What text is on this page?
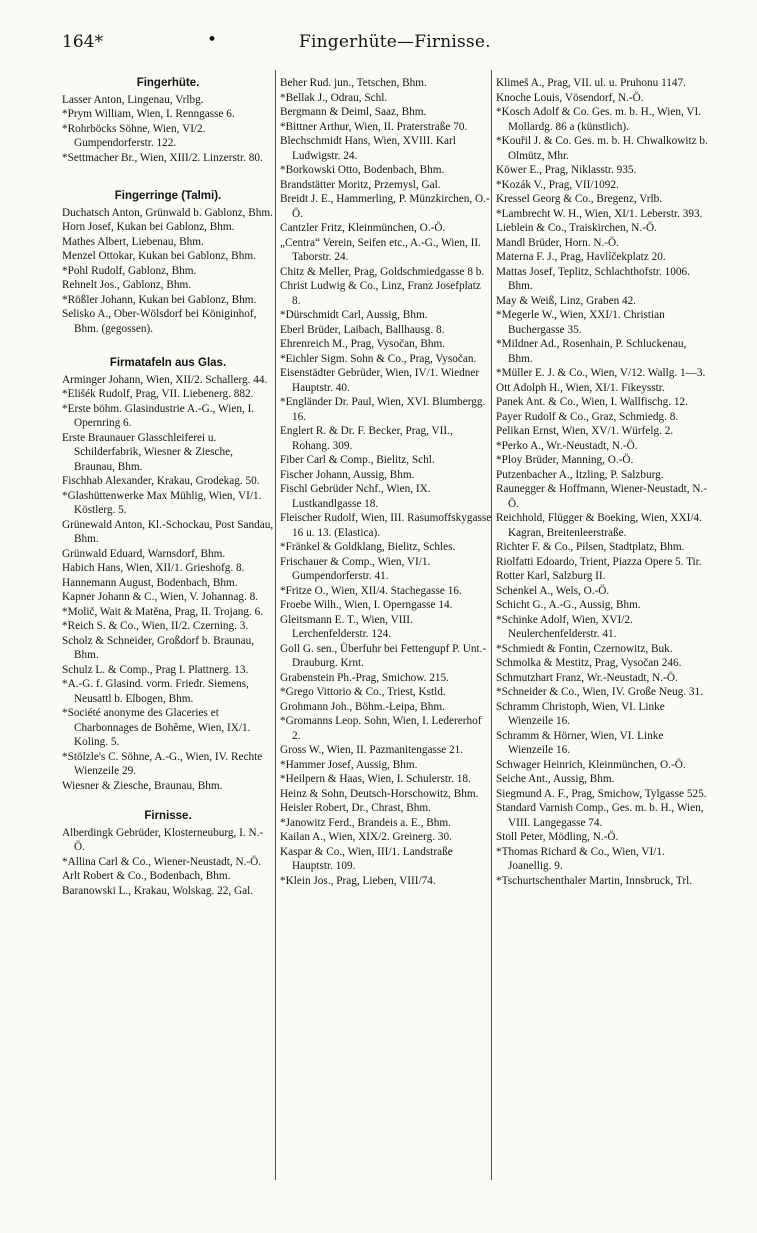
164*	•	Fingerhüte—Firnisse.
Fingerhüte.

Lasser Anton, Lingenau, Vrlbg.

*Prym William, Wien, I. Renngasse 6.

*Rohrböcks Söhne, Wien, VI/2. Gumpendorferstr. 122.

*Settmacher Br., Wien, XIII/2. Linzerstr. 80.

Fingerringe (Talmi).

Duchatsch Anton, Grünwald b. Gablonz, Bhm.

Horn Josef, Kukan bei Gablonz, Bhm.

Mathes Albert, Liebenau, Bhm.

Menzel Ottokar, Kukan bei Gablonz, Bhm.

*Pohl Rudolf, Gablonz, Bhm.

Rehnelt Jos., Gablonz, Bhm.

*Rößler Johann, Kukan bei Gablonz, Bhm.

Selisko A., Ober-Wölsdorf bei Königinhof, Bhm. (gegossen).

Firmatafeln aus Glas.

Arminger Johann, Wien, XII/2. Schallerg. 44.

*Elišék Rudolf, Prag, VII. Liebenerg. 882.

*Erste böhm. Glasindustrie A.-G., Wien, I. Opernring 6.

Erste Braunauer Glasschleiferei u. Schilderfabrik, Wiesner & Ziesche, Braunau, Bhm.

Fischhab Alexander, Krakau, Grodekag. 50.

*Glashüttenwerke Max Mühlig, Wien, VI/1. Köstlerg. 5.

Grünewald Anton, Kl.-Schockau, Post Sandau, Bhm.

Grünwald Eduard, Warnsdorf, Bhm.

Habich Hans, Wien, XII/1. Grieshofg. 8.

Hannemann August, Bodenbach, Bhm.

Kapner Johann & C., Wien, V. Johannag. 8.

*Molič, Wait & Matěna, Prag, II. Trojang. 6.

*Reich S. & Co., Wien, II/2. Czerning. 3.

Scholz & Schneider, Großdorf b. Braunau, Bhm.

Schulz L. & Comp., Prag I. Plattnerg. 13.

*A.-G. f. Glasind. vorm. Friedr. Siemens, Neusattl b. Elbogen, Bhm.

*Société anonyme des Glaceries et Charbonnages de Bohême, Wien, IX/1. Koling. 5.

*Stölzle's C. Söhne, A.-G., Wien, IV. Rechte Wienzeile 29.

Wiesner & Ziesche, Braunau, Bhm.

Firnisse.

Alberdingk Gebrüder, Klosterneuburg, I. N.-Ö.

*Allina Carl & Co., Wiener-Neustadt, N.-Ö.

Arlt Robert & Co., Bodenbach, Bhm.

Baranowski L., Krakau, Wolskag. 22, Gal.

Beher Rud. jun., Tetschen, Bhm.

*Bellak J., Odrau, Schl.

Bergmann & Deiml, Saaz, Bhm.

*Bittner Arthur, Wien, II. Praterstraße 70.

Blechschmidt Hans, Wien, XVIII. Karl Ludwigstr. 24.

*Borkowski Otto, Bodenbach, Bhm.

Brandstätter Moritz, Przemysl, Gal.

Breidt J. E., Hammerling, P. Münzkirchen, O.-Ö.

Cantzler Fritz, Kleinmünchen, O.-Ö.

„Centra“ Verein, Seifen etc., A.-G., Wien, II. Taborstr. 24.

Chitz & Meller, Prag, Goldschmiedgasse 8 b.

Christ Ludwig & Co., Linz, Franz Josefplatz 8.

*Dürschmidt Carl, Aussig, Bhm.

Eberl Brüder, Laibach, Ballhausg. 8.

Ehrenreich M., Prag, Vysočan, Bhm.

*Eichler Sigm. Sohn & Co., Prag, Vysočan.

Eisenstädter Gebrüder, Wien, IV/1. Wiedner Hauptstr. 40.

*Engländer Dr. Paul, Wien, XVI. Blumbergg. 16.

Englert R. & Dr. F. Becker, Prag, VII., Rohang. 309.

Fiber Carl & Comp., Bielitz, Schl.

Fischer Johann, Aussig, Bhm.

Fischl Gebrüder Nchf., Wien, IX. Lustkandlgasse 18.

Fleischer Rudolf, Wien, III. Rasumoffskygasse 16 u. 13. (Elastica).

*Fränkel & Goldklang, Bielitz, Schles.

Frischauer & Comp., Wien, VI/1. Gumpendorferstr. 41.

*Fritze O., Wien, XII/4. Stachegasse 16.

Froebe Wilh., Wien, I. Operngasse 14.

Gleitsmann E. T., Wien, VIII. Lerchenfelderstr. 124.

Goll G. sen., Überfuhr bei Fettengupf P. Unt.-Drauburg. Krnt.

Grabenstein Ph.-Prag, Smichow. 215.

*Grego Vittorio & Co., Triest, Kstld.

Grohmann Joh., Böhm.-Leipa, Bhm.

*Gromanns Leop. Sohn, Wien, I. Ledererhof 2.

Gross W., Wien, II. Pazmanitengasse 21.

*Hammer Josef, Aussig, Bhm.

*Heilpern & Haas, Wien, I. Schulerstr. 18.

Heinz & Sohn, Deutsch-Horschowitz, Bhm.

Heisler Robert, Dr., Chrast, Bhm.

*Janowitz Ferd., Brandeis a. E., Bhm.

Kailan A., Wien, XIX/2. Greinerg. 30.

Kaspar & Co., Wien, III/1. Landstraße Hauptstr. 109.

*Klein Jos., Prag, Lieben, VIII/74.

Klimeš A., Prag, VII. ul. u. Pruhonu 1147.

Knoche Louis, Vösendorf, N.-Ö.

*Kosch Adolf & Co. Ges. m. b. H., Wien, VI. Mollardg. 86 a (künstlich).

*Kouřil J. & Co. Ges. m. b. H. Chwalkowitz b. Olmütz, Mhr.

Köwer E., Prag, Niklasstr. 935.

*Kozák V., Prag, VII/1092.

Kressel Georg & Co., Bregenz, Vrlb.

*Lambrecht W. H., Wien, XI/1. Leberstr. 393.

Lieblein & Co., Traiskirchen, N.-Ö.

Mandl Brüder, Horn. N.-Ö.

Materna F. J., Prag, Havlíčekplatz 20.

Mattas Josef, Teplitz, Schlachthofstr. 1006. Bhm.

May & Weiß, Linz, Graben 42.

*Megerle W., Wien, XXI/1. Christian Buchergasse 35.

*Mildner Ad., Rosenhain, P. Schluckenau, Bhm.

*Müller E. J. & Co., Wien, V/12. Wallg. 1—3.

Ott Adolph H., Wien, XI/1. Fikeysstr.

Panek Ant. & Co., Wien, I. Wallfischg. 12.

Payer Rudolf & Co., Graz, Schmiedg. 8.

Pelikan Ernst, Wien, XV/1. Würfelg. 2.

*Perko A., Wr.-Neustadt, N.-Ö.

*Ploy Brüder, Manning, O.-Ö.

Putzenbacher A., Itzling, P. Salzburg.

Raunegger & Hoffmann, Wiener-Neustadt, N.-Ö.

Reichhold, Flügger & Boeking, Wien, XXI/4. Kagran, Breitenleerstraße.

Richter F. & Co., Pilsen, Stadtplatz, Bhm.

Riolfatti Edoardo, Trient, Piazza Opere 5. Tir.

Rotter Karl, Salzburg II.

Schenkel A., Wels, O.-Ö.

Schicht G., A.-G., Aussig, Bhm.

*Schinke Adolf, Wien, XVI/2. Neulerchenfelderstr. 41.

*Schmiedt & Fontin, Czernowitz, Buk.

Schmolka & Mestitz, Prag, Vysočan 246.

Schmutzhart Franz, Wr.-Neustadt, N.-Ö.

*Schneider & Co., Wien, IV. Große Neug. 31.

Schramm Christoph, Wien, VI. Linke Wienzeile 16.

Schramm & Hörner, Wien, VI. Linke Wienzeile 16.

Schwager Heinrich, Kleinmünchen, O.-Ö.

Seiche Ant., Aussig, Bhm.

Siegmund A. F., Prag, Smichow, Tylgasse 525.

Standard Varnish Comp., Ges. m. b. H., Wien, VIII. Langegasse 74.

Stoll Peter, Mödling, N.-Ö.

*Thomas Richard & Co., Wien, VI/1. Joanellig. 9.

*Tschurtschenthaler Martin, Innsbruck, Trl.
